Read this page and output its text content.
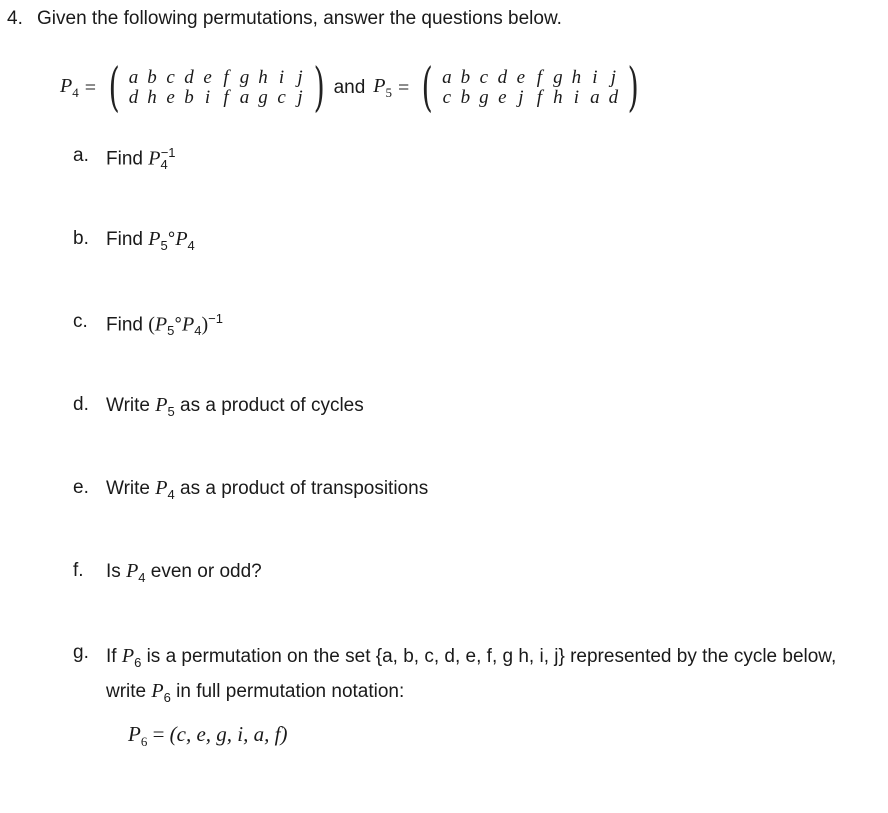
4. Given the following permutations, answer the questions below.
$P_4$ = ( a b c d e f g h i j
d h e b i f a g c j ) and $P_5$ = ( a b c d e f g h i j
c b g e j f h i a d )
a. Find $P_4^{-1}$
b. Find $P_5^\circ P_4$
c. Find $(P_5^\circ P_4)^{-1}$
d. Write $P_5$ as a product of cycles
e. Write $P_4$ as a product of transpositions
f.	Is $P_4$ even or odd?
g. If $P_6$ is a permutation on the set {a, b, c, d, e, f, g h, i, j} represented by the cycle below,
write $P_6$ in full permutation notation:
$P_6 = (c$, e, g, i, a, f)
